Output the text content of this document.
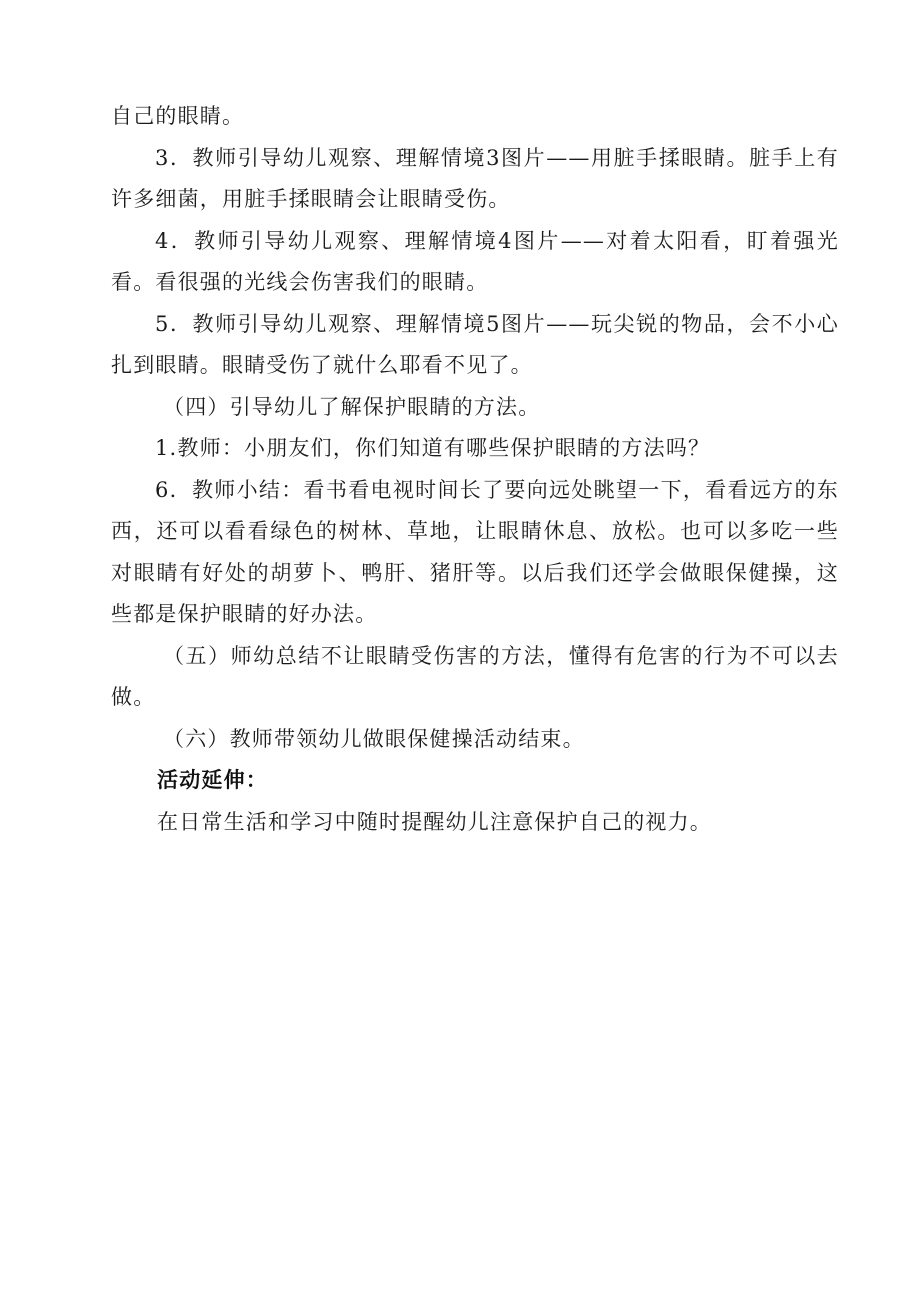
自己的眼睛。

3．教师引导幼儿观察、理解情境3图片——用脏手揉眼睛。脏手上有许多细菌，用脏手揉眼睛会让眼睛受伤。

4．教师引导幼儿观察、理解情境4图片——对着太阳看，盯着强光看。看很强的光线会伤害我们的眼睛。

5．教师引导幼儿观察、理解情境5图片——玩尖锐的物品，会不小心扎到眼睛。眼睛受伤了就什么耶看不见了。

（四）引导幼儿了解保护眼睛的方法。

1.教师：小朋友们，你们知道有哪些保护眼睛的方法吗？

6．教师小结：看书看电视时间长了要向远处眺望一下，看看远方的东西，还可以看看绿色的树林、草地，让眼睛休息、放松。也可以多吃一些对眼睛有好处的胡萝卜、鸭肝、猪肝等。以后我们还学会做眼保健操，这些都是保护眼睛的好办法。

（五）师幼总结不让眼睛受伤害的方法，懂得有危害的行为不可以去做。

（六）教师带领幼儿做眼保健操活动结束。

活动延伸：

在日常生活和学习中随时提醒幼儿注意保护自己的视力。
